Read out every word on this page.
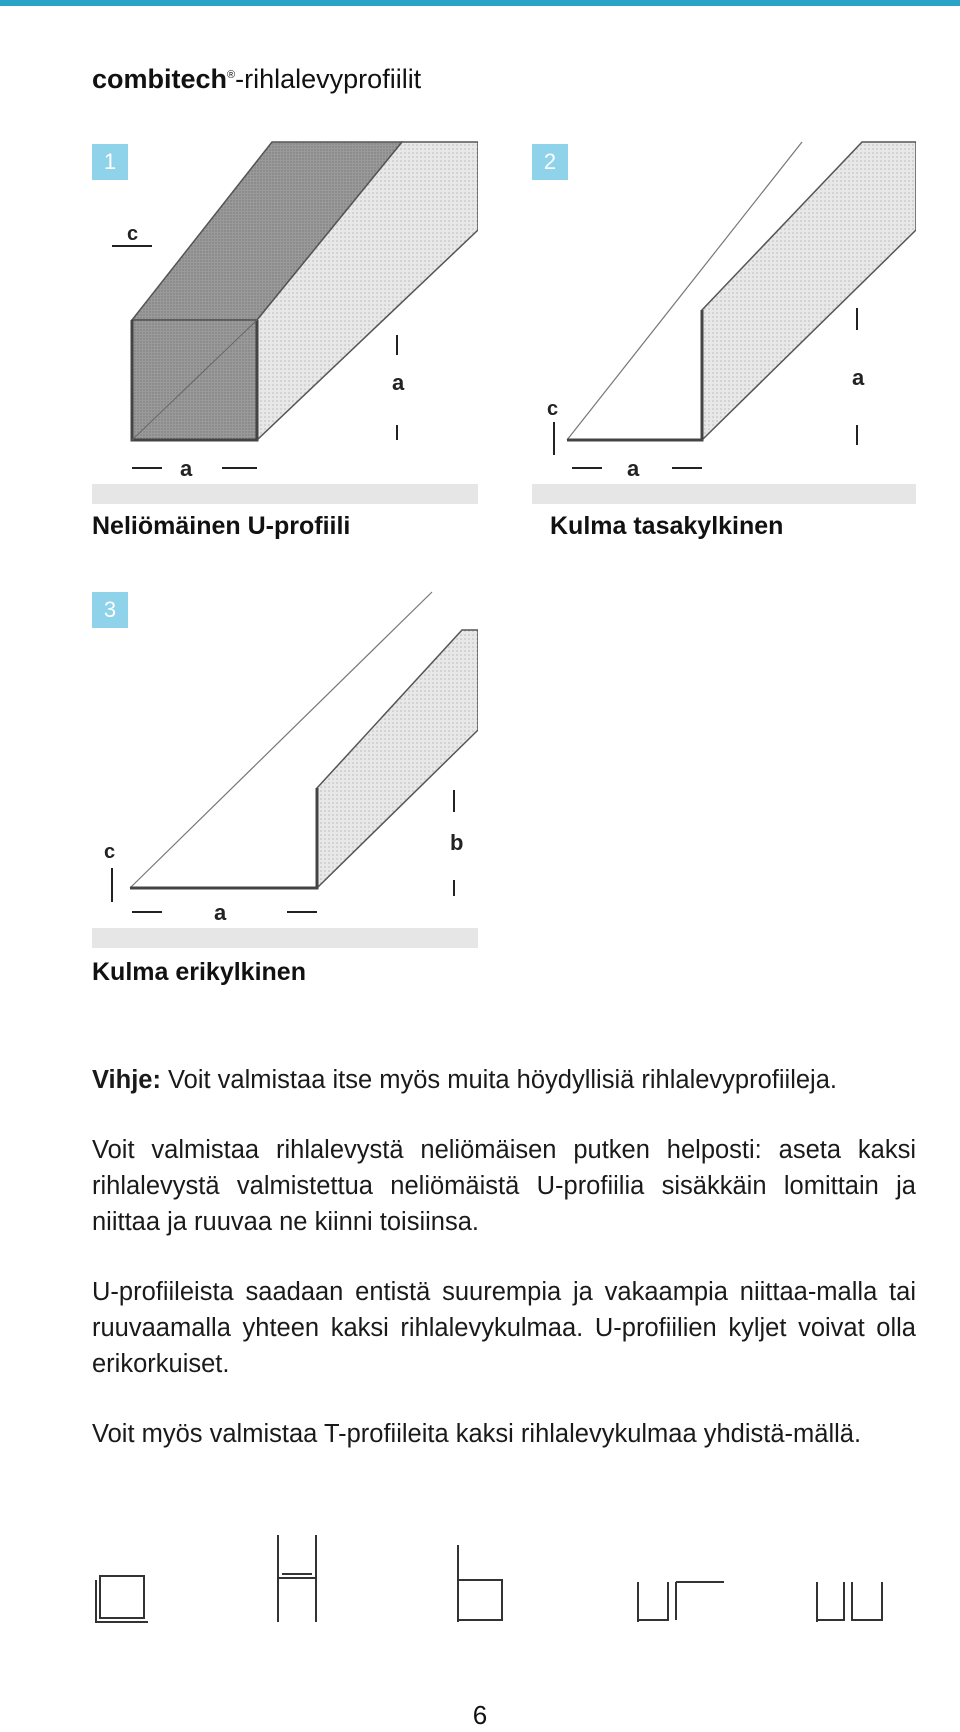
combitech®-rihlalevyprofiilit
1
c
a
a
Neliömäinen U-profiili
2
c
a
a
Kulma tasakylkinen
3
c
a
b
Kulma erikylkinen
Vihje: Voit valmistaa itse myös muita höydyllisiä rihlalevyprofiileja.
Voit valmistaa rihlalevystä neliömäisen putken helposti: aseta kaksi rihlalevystä valmistettua neliömäistä U-profiilia sisäkkäin lomittain ja niittaa ja ruuvaa ne kiinni toisiinsa.
U-profiileista saadaan entistä suurempia ja vakaampia niittaa-malla tai ruuvaamalla yhteen kaksi rihlalevykulmaa. U-profiilien kyljet voivat olla erikorkuiset.
Voit myös valmistaa T-profiileita kaksi rihlalevykulmaa yhdistä-mällä.
6
